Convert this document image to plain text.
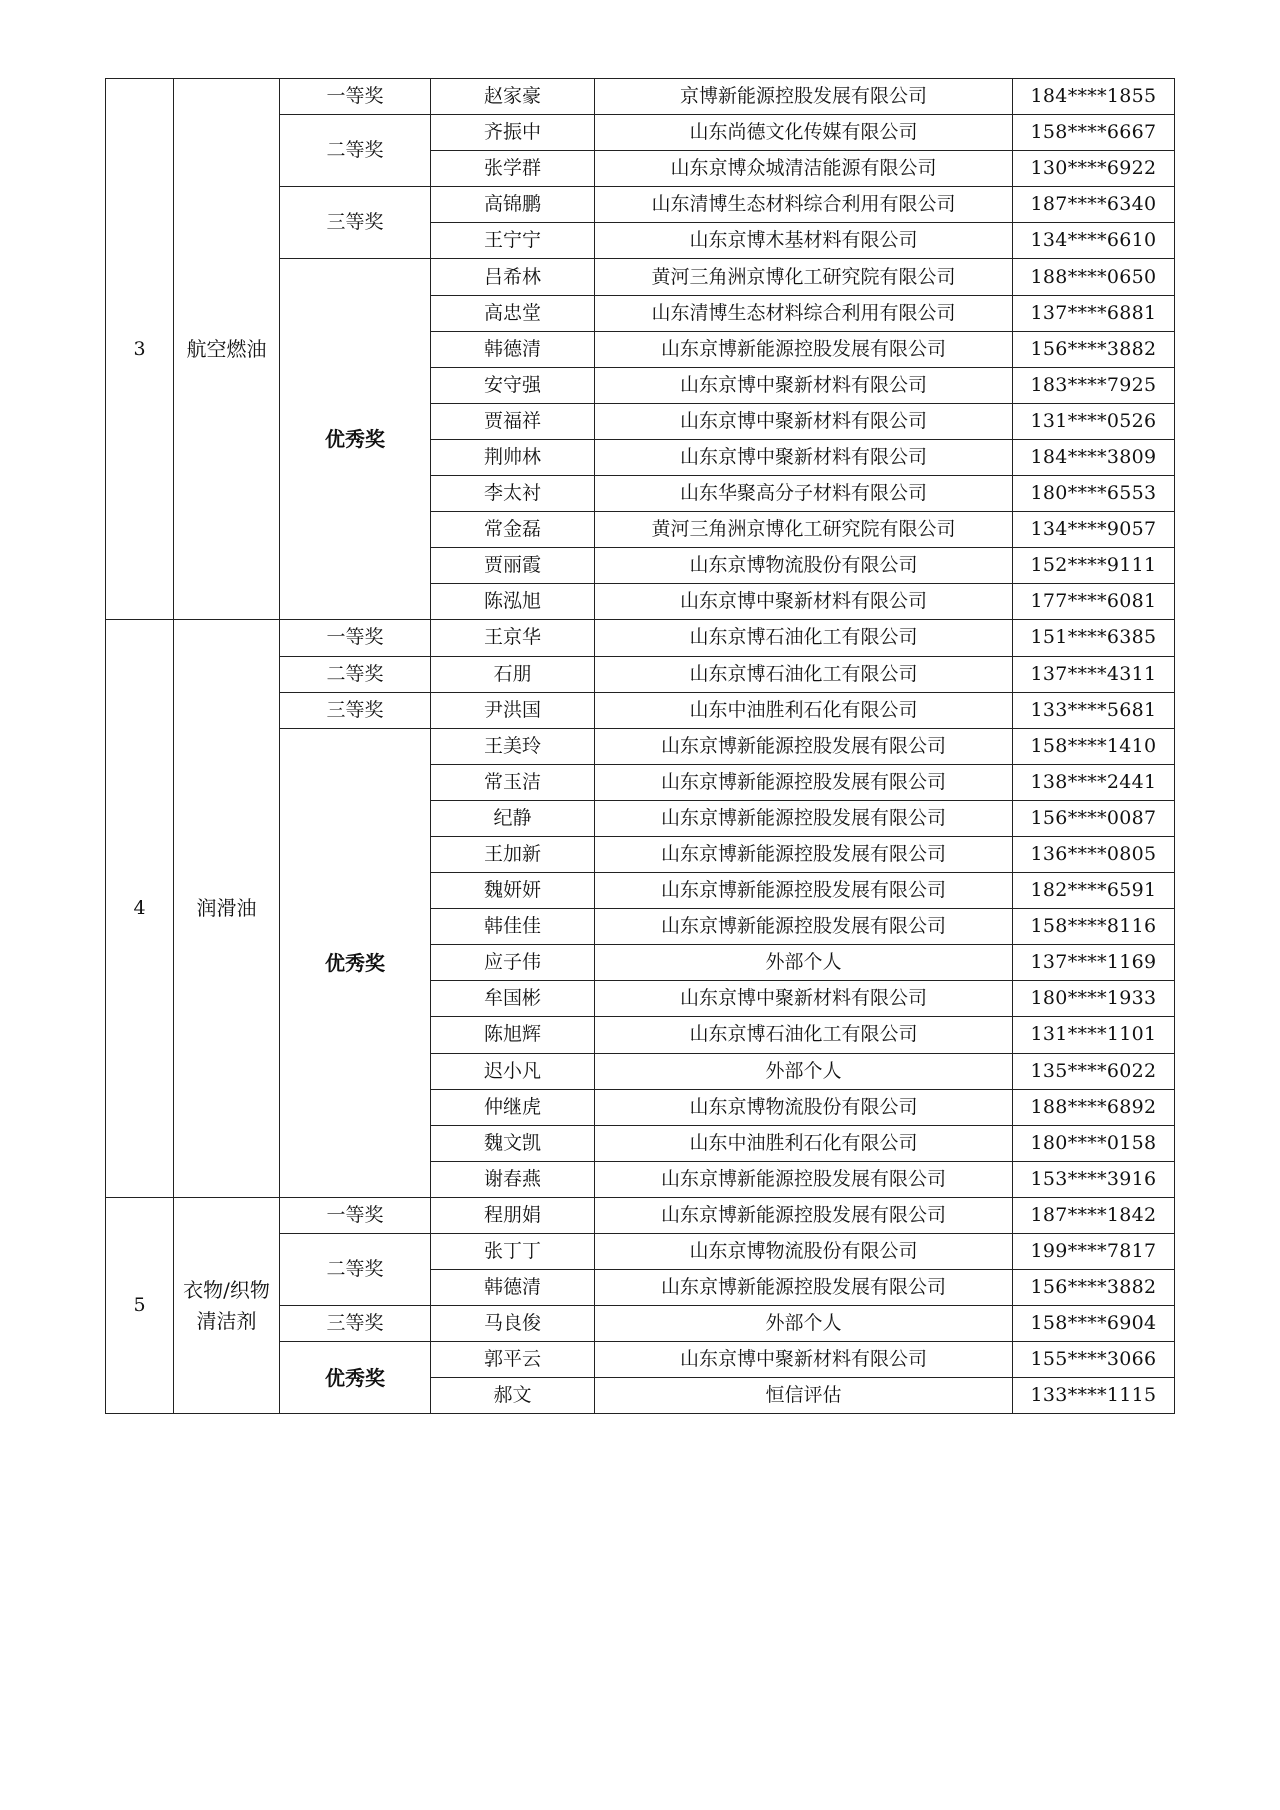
3	航空燃油	一等奖	赵家豪	京博新能源控股发展有限公司	184****1855
		二等奖	齐振中	山东尚德文化传媒有限公司	158****6667
			张学群	山东京博众城清洁能源有限公司	130****6922
		三等奖	高锦鹏	山东清博生态材料综合利用有限公司	187****6340
			王宁宁	山东京博木基材料有限公司	134****6610
		优秀奖	吕希林	黄河三角洲京博化工研究院有限公司	188****0650
			高忠堂	山东清博生态材料综合利用有限公司	137****6881
			韩德清	山东京博新能源控股发展有限公司	156****3882
			安守强	山东京博中聚新材料有限公司	183****7925
			贾福祥	山东京博中聚新材料有限公司	131****0526
			荆帅林	山东京博中聚新材料有限公司	184****3809
			李太衬	山东华聚高分子材料有限公司	180****6553
			常金磊	黄河三角洲京博化工研究院有限公司	134****9057
			贾丽霞	山东京博物流股份有限公司	152****9111
			陈泓旭	山东京博中聚新材料有限公司	177****6081
4	润滑油	一等奖	王京华	山东京博石油化工有限公司	151****6385
		二等奖	石朋	山东京博石油化工有限公司	137****4311
		三等奖	尹洪国	山东中油胜利石化有限公司	133****5681
		优秀奖	王美玲	山东京博新能源控股发展有限公司	158****1410
			常玉洁	山东京博新能源控股发展有限公司	138****2441
			纪静	山东京博新能源控股发展有限公司	156****0087
			王加新	山东京博新能源控股发展有限公司	136****0805
			魏妍妍	山东京博新能源控股发展有限公司	182****6591
			韩佳佳	山东京博新能源控股发展有限公司	158****8116
			应子伟	外部个人	137****1169
			牟国彬	山东京博中聚新材料有限公司	180****1933
			陈旭辉	山东京博石油化工有限公司	131****1101
			迟小凡	外部个人	135****6022
			仲继虎	山东京博物流股份有限公司	188****6892
			魏文凯	山东中油胜利石化有限公司	180****0158
			谢春燕	山东京博新能源控股发展有限公司	153****3916
5	衣物/织物清洁剂	一等奖	程朋娟	山东京博新能源控股发展有限公司	187****1842
		二等奖	张丁丁	山东京博物流股份有限公司	199****7817
			韩德清	山东京博新能源控股发展有限公司	156****3882
		三等奖	马良俊	外部个人	158****6904
		优秀奖	郭平云	山东京博中聚新材料有限公司	155****3066
			郝文	恒信评估	133****1115
